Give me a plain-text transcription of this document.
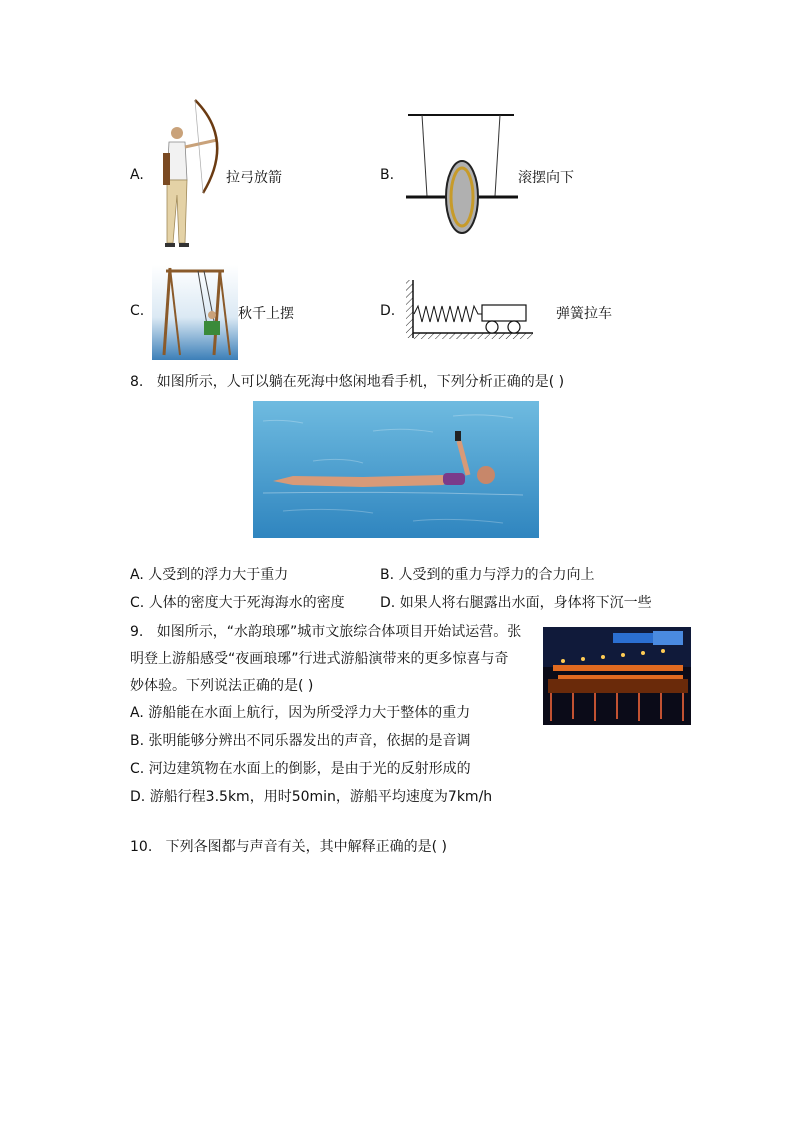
A.	拉弓放箭	B.	滚摆向下
C.	秋千上摆	D.	弹簧拉车
8. 如图所示，人可以躺在死海中悠闲地看手机，下列分析正确的是( )
A. 人受到的浮力大于重力	B. 人受到的重力与浮力的合力向上
C. 人体的密度大于死海海水的密度	D. 如果人将右腿露出水面，身体将下沉一些
9. 如图所示，“水韵琅琊”城市文旅综合体项目开始试运营。张
明登上游船感受“夜画琅琊”行进式游船演带来的更多惊喜与奇
妙体验。下列说法正确的是( )
A. 游船能在水面上航行，因为所受浮力大于整体的重力
B. 张明能够分辨出不同乐器发出的声音，依据的是音调
C. 河边建筑物在水面上的倒影，是由于光的反射形成的
D. 游船行程3.5km，用时50min，游船平均速度为7km/h
10. 下列各图都与声音有关，其中解释正确的是( )
